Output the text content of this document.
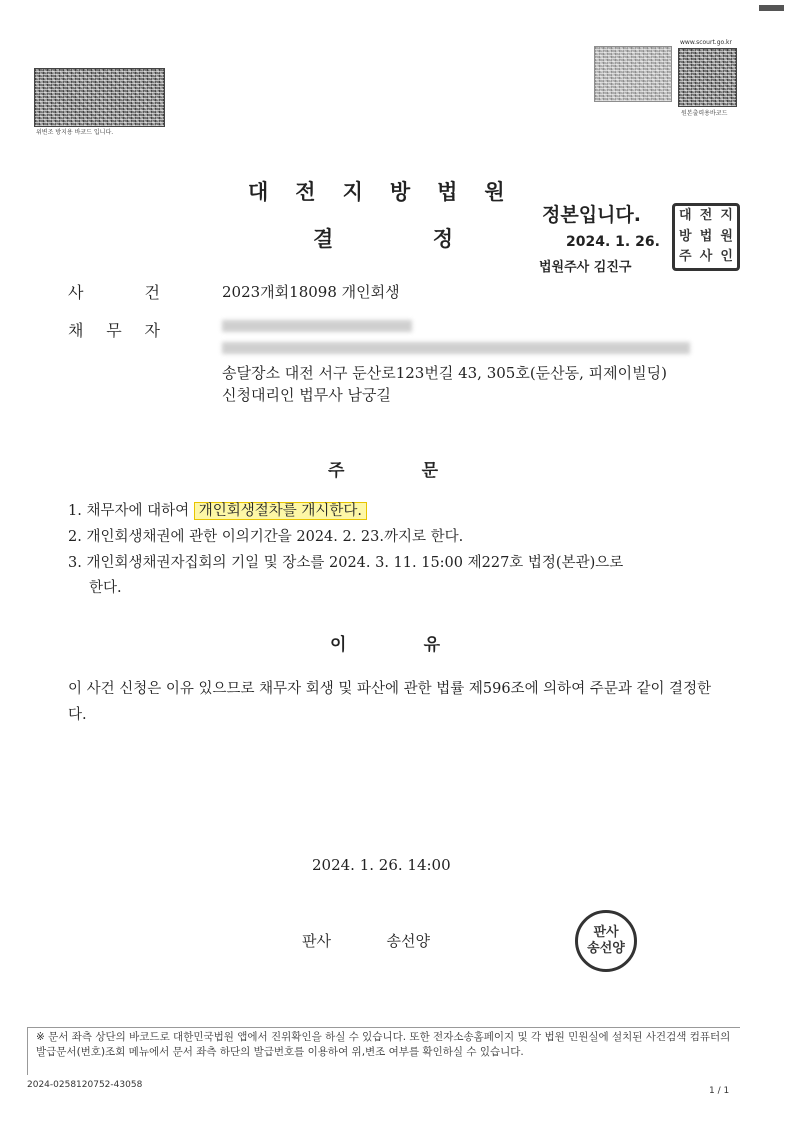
위변조 방지용 바코드 입니다.
www.scourt.go.kr
원본출력용바코드
대전지방법원
결	정
정본입니다.
2024. 1. 26.
법원주사 김진구
대 전 지
방 법 원
주 사 인
사	건	2023개회18098 개인회생
채 무 자
송달장소 대전 서구 둔산로123번길 43, 305호(둔산동, 피제이빌딩)
신청대리인 법무사 남궁길
주	문
1. 채무자에 대하여 개인회생절차를 개시한다.
2. 개인회생채권에 관한 이의기간을 2024. 2. 23.까지로 한다.
3. 개인회생채권자집회의 기일 및 장소를 2024. 3. 11. 15:00 제227호 법정(본관)으로
한다.
이	유
이 사건 신청은 이유 있으므로 채무자 회생 및 파산에 관한 법률 제596조에 의하여 주문과 같이 결정한다.
2024. 1. 26. 14:00
판사	송선양	판사
송선양
※ 문서 좌측 상단의 바코드로 대한민국법원 앱에서 진위확인을 하실 수 있습니다. 또한 전자소송홈페이지 및 각 법원 민원실에 설치된 사건검색 컴퓨터의 발급문서(번호)조회 메뉴에서 문서 좌측 하단의 발급번호를 이용하여 위,변조 여부를 확인하실 수 있습니다.
2024-0258120752-43058
1 / 1
